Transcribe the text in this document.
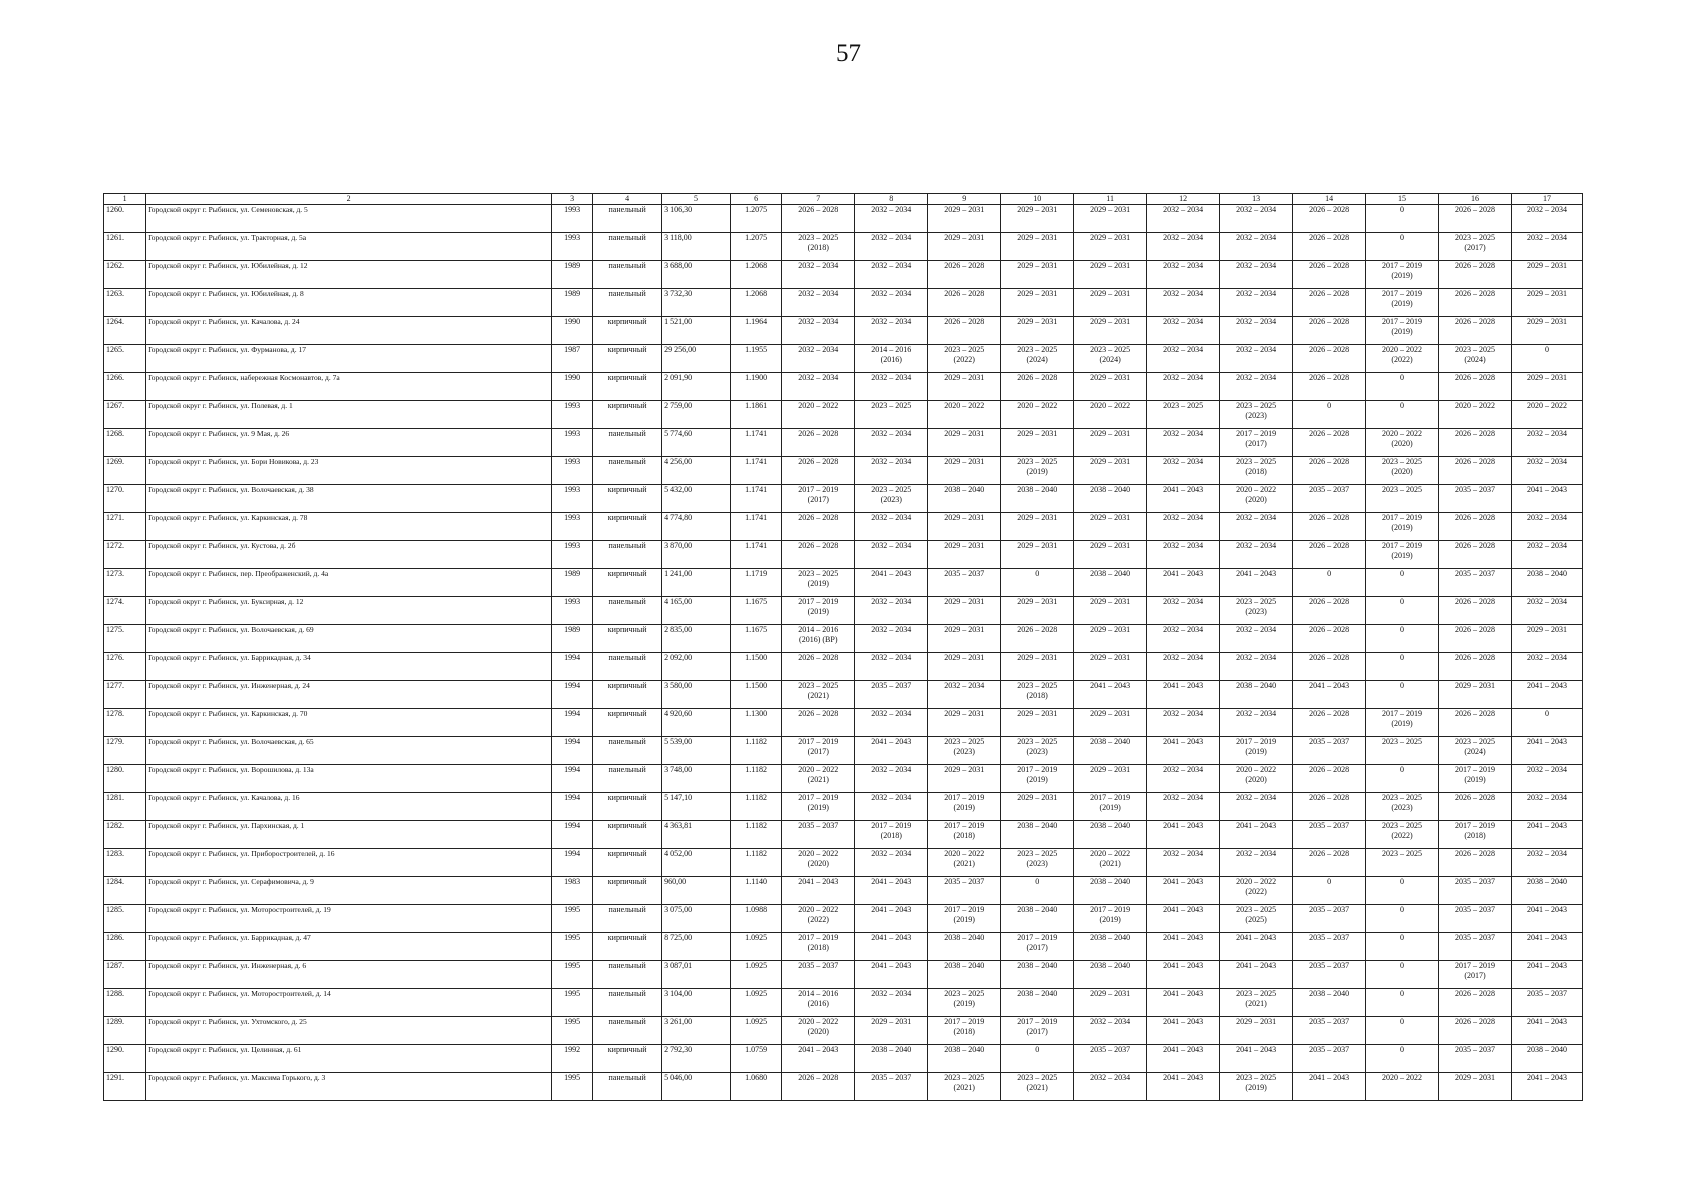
57
1	2	3	4	5	6	7	8	9	10	11	12	13	14	15	16	17
1260.	Городской округ г. Рыбинск, ул. Семеновская, д. 5	1993	панельный	3 106,30	1.2075	2026 – 2028	2032 – 2034	2029 – 2031	2029 – 2031	2029 – 2031	2032 – 2034	2032 – 2034	2026 – 2028	0	2026 – 2028	2032 – 2034

1261.	Городской округ г. Рыбинск, ул. Тракторная, д. 5а	1993	панельный	3 118,00	1.2075	2023 – 2025
(2018)	2032 – 2034	2029 – 2031	2029 – 2031	2029 – 2031	2032 – 2034	2032 – 2034	2026 – 2028	0	2023 – 2025
(2017)	2032 – 2034

1262.	Городской округ г. Рыбинск, ул. Юбилейная, д. 12	1989	панельный	3 688,00	1.2068	2032 – 2034	2032 – 2034	2026 – 2028	2029 – 2031	2029 – 2031	2032 – 2034	2032 – 2034	2026 – 2028	2017 – 2019
(2019)	2026 – 2028	2029 – 2031

1263.	Городской округ г. Рыбинск, ул. Юбилейная, д. 8	1989	панельный	3 732,30	1.2068	2032 – 2034	2032 – 2034	2026 – 2028	2029 – 2031	2029 – 2031	2032 – 2034	2032 – 2034	2026 – 2028	2017 – 2019
(2019)	2026 – 2028	2029 – 2031

1264.	Городской округ г. Рыбинск, ул. Качалова, д. 24	1990	кирпичный	1 521,00	1.1964	2032 – 2034	2032 – 2034	2026 – 2028	2029 – 2031	2029 – 2031	2032 – 2034	2032 – 2034	2026 – 2028	2017 – 2019
(2019)	2026 – 2028	2029 – 2031

1265.	Городской округ г. Рыбинск, ул. Фурманова, д. 17	1987	кирпичный	29 256,00	1.1955	2032 – 2034	2014 – 2016
(2016)	2023 – 2025
(2022)	2023 – 2025
(2024)	2023 – 2025
(2024)	2032 – 2034	2032 – 2034	2026 – 2028	2020 – 2022
(2022)	2023 – 2025
(2024)	0

1266.	Городской округ г. Рыбинск, набережная Космонавтов, д. 7а	1990	кирпичный	2 091,90	1.1900	2032 – 2034	2032 – 2034	2029 – 2031	2026 – 2028	2029 – 2031	2032 – 2034	2032 – 2034	2026 – 2028	0	2026 – 2028	2029 – 2031

1267.	Городской округ г. Рыбинск, ул. Полевая, д. 1	1993	кирпичный	2 759,00	1.1861	2020 – 2022	2023 – 2025	2020 – 2022	2020 – 2022	2020 – 2022	2023 – 2025	2023 – 2025
(2023)	0	0	2020 – 2022	2020 – 2022

1268.	Городской округ г. Рыбинск, ул. 9 Мая, д. 26	1993	панельный	5 774,60	1.1741	2026 – 2028	2032 – 2034	2029 – 2031	2029 – 2031	2029 – 2031	2032 – 2034	2017 – 2019
(2017)	2026 – 2028	2020 – 2022
(2020)	2026 – 2028	2032 – 2034

1269.	Городской округ г. Рыбинск, ул. Бори Новикова, д. 23	1993	панельный	4 256,00	1.1741	2026 – 2028	2032 – 2034	2029 – 2031	2023 – 2025
(2019)	2029 – 2031	2032 – 2034	2023 – 2025
(2018)	2026 – 2028	2023 – 2025
(2020)	2026 – 2028	2032 – 2034

1270.	Городской округ г. Рыбинск, ул. Волочаевская, д. 38	1993	кирпичный	5 432,00	1.1741	2017 – 2019
(2017)	2023 – 2025
(2023)	2038 – 2040	2038 – 2040	2038 – 2040	2041 – 2043	2020 – 2022
(2020)	2035 – 2037	2023 – 2025	2035 – 2037	2041 – 2043

1271.	Городской округ г. Рыбинск, ул. Каркинская, д. 78	1993	кирпичный	4 774,80	1.1741	2026 – 2028	2032 – 2034	2029 – 2031	2029 – 2031	2029 – 2031	2032 – 2034	2032 – 2034	2026 – 2028	2017 – 2019
(2019)	2026 – 2028	2032 – 2034

1272.	Городской округ г. Рыбинск, ул. Кустова, д. 2б	1993	панельный	3 870,00	1.1741	2026 – 2028	2032 – 2034	2029 – 2031	2029 – 2031	2029 – 2031	2032 – 2034	2032 – 2034	2026 – 2028	2017 – 2019
(2019)	2026 – 2028	2032 – 2034

1273.	Городской округ г. Рыбинск, пер. Преображенский, д. 4а	1989	кирпичный	1 241,00	1.1719	2023 – 2025
(2019)	2041 – 2043	2035 – 2037	0	2038 – 2040	2041 – 2043	2041 – 2043	0	0	2035 – 2037	2038 – 2040

1274.	Городской округ г. Рыбинск, ул. Буксирная, д. 12	1993	панельный	4 165,00	1.1675	2017 – 2019
(2019)	2032 – 2034	2029 – 2031	2029 – 2031	2029 – 2031	2032 – 2034	2023 – 2025
(2023)	2026 – 2028	0	2026 – 2028	2032 – 2034

1275.	Городской округ г. Рыбинск, ул. Волочаевская, д. 69	1989	кирпичный	2 835,00	1.1675	2014 – 2016
(2016) (ВР)	2032 – 2034	2029 – 2031	2026 – 2028	2029 – 2031	2032 – 2034	2032 – 2034	2026 – 2028	0	2026 – 2028	2029 – 2031

1276.	Городской округ г. Рыбинск, ул. Баррикадная, д. 34	1994	панельный	2 092,00	1.1500	2026 – 2028	2032 – 2034	2029 – 2031	2029 – 2031	2029 – 2031	2032 – 2034	2032 – 2034	2026 – 2028	0	2026 – 2028	2032 – 2034

1277.	Городской округ г. Рыбинск, ул. Инженерная, д. 24	1994	кирпичный	3 580,00	1.1500	2023 – 2025
(2021)	2035 – 2037	2032 – 2034	2023 – 2025
(2018)	2041 – 2043	2041 – 2043	2038 – 2040	2041 – 2043	0	2029 – 2031	2041 – 2043

1278.	Городской округ г. Рыбинск, ул. Каркинская, д. 70	1994	кирпичный	4 920,60	1.1300	2026 – 2028	2032 – 2034	2029 – 2031	2029 – 2031	2029 – 2031	2032 – 2034	2032 – 2034	2026 – 2028	2017 – 2019
(2019)	2026 – 2028	0

1279.	Городской округ г. Рыбинск, ул. Волочаевская, д. 65	1994	панельный	5 539,00	1.1182	2017 – 2019
(2017)	2041 – 2043	2023 – 2025
(2023)	2023 – 2025
(2023)	2038 – 2040	2041 – 2043	2017 – 2019
(2019)	2035 – 2037	2023 – 2025	2023 – 2025
(2024)	2041 – 2043

1280.	Городской округ г. Рыбинск, ул. Ворошилова, д. 13а	1994	панельный	3 748,00	1.1182	2020 – 2022
(2021)	2032 – 2034	2029 – 2031	2017 – 2019
(2019)	2029 – 2031	2032 – 2034	2020 – 2022
(2020)	2026 – 2028	0	2017 – 2019
(2019)	2032 – 2034

1281.	Городской округ г. Рыбинск, ул. Качалова, д. 16	1994	кирпичный	5 147,10	1.1182	2017 – 2019
(2019)	2032 – 2034	2017 – 2019
(2019)	2029 – 2031	2017 – 2019
(2019)	2032 – 2034	2032 – 2034	2026 – 2028	2023 – 2025
(2023)	2026 – 2028	2032 – 2034

1282.	Городской округ г. Рыбинск, ул. Пархинская, д. 1	1994	кирпичный	4 363,81	1.1182	2035 – 2037	2017 – 2019
(2018)	2017 – 2019
(2018)	2038 – 2040	2038 – 2040	2041 – 2043	2041 – 2043	2035 – 2037	2023 – 2025
(2022)	2017 – 2019
(2018)	2041 – 2043

1283.	Городской округ г. Рыбинск, ул. Приборостроителей, д. 16	1994	кирпичный	4 052,00	1.1182	2020 – 2022
(2020)	2032 – 2034	2020 – 2022
(2021)	2023 – 2025
(2023)	2020 – 2022
(2021)	2032 – 2034	2032 – 2034	2026 – 2028	2023 – 2025	2026 – 2028	2032 – 2034

1284.	Городской округ г. Рыбинск, ул. Серафимовича, д. 9	1983	кирпичный	960,00	1.1140	2041 – 2043	2041 – 2043	2035 – 2037	0	2038 – 2040	2041 – 2043	2020 – 2022
(2022)	0	0	2035 – 2037	2038 – 2040

1285.	Городской округ г. Рыбинск, ул. Моторостроителей, д. 19	1995	панельный	3 075,00	1.0988	2020 – 2022
(2022)	2041 – 2043	2017 – 2019
(2019)	2038 – 2040	2017 – 2019
(2019)	2041 – 2043	2023 – 2025
(2025)	2035 – 2037	0	2035 – 2037	2041 – 2043

1286.	Городской округ г. Рыбинск, ул. Баррикадная, д. 47	1995	кирпичный	8 725,00	1.0925	2017 – 2019
(2018)	2041 – 2043	2038 – 2040	2017 – 2019
(2017)	2038 – 2040	2041 – 2043	2041 – 2043	2035 – 2037	0	2035 – 2037	2041 – 2043

1287.	Городской округ г. Рыбинск, ул. Инженерная, д. 6	1995	панельный	3 087,01	1.0925	2035 – 2037	2041 – 2043	2038 – 2040	2038 – 2040	2038 – 2040	2041 – 2043	2041 – 2043	2035 – 2037	0	2017 – 2019
(2017)	2041 – 2043

1288.	Городской округ г. Рыбинск, ул. Моторостроителей, д. 14	1995	панельный	3 104,00	1.0925	2014 – 2016
(2016)	2032 – 2034	2023 – 2025
(2019)	2038 – 2040	2029 – 2031	2041 – 2043	2023 – 2025
(2021)	2038 – 2040	0	2026 – 2028	2035 – 2037

1289.	Городской округ г. Рыбинск, ул. Ухтомского, д. 25	1995	панельный	3 261,00	1.0925	2020 – 2022
(2020)	2029 – 2031	2017 – 2019
(2018)	2017 – 2019
(2017)	2032 – 2034	2041 – 2043	2029 – 2031	2035 – 2037	0	2026 – 2028	2041 – 2043

1290.	Городской округ г. Рыбинск, ул. Целинная, д. 61	1992	кирпичный	2 792,30	1.0759	2041 – 2043	2038 – 2040	2038 – 2040	0	2035 – 2037	2041 – 2043	2041 – 2043	2035 – 2037	0	2035 – 2037	2038 – 2040

1291.	Городской округ г. Рыбинск, ул. Максима Горького, д. 3	1995	панельный	5 046,00	1.0680	2026 – 2028	2035 – 2037	2023 – 2025
(2021)	2023 – 2025
(2021)	2032 – 2034	2041 – 2043	2023 – 2025
(2019)	2041 – 2043	2020 – 2022	2029 – 2031	2041 – 2043
